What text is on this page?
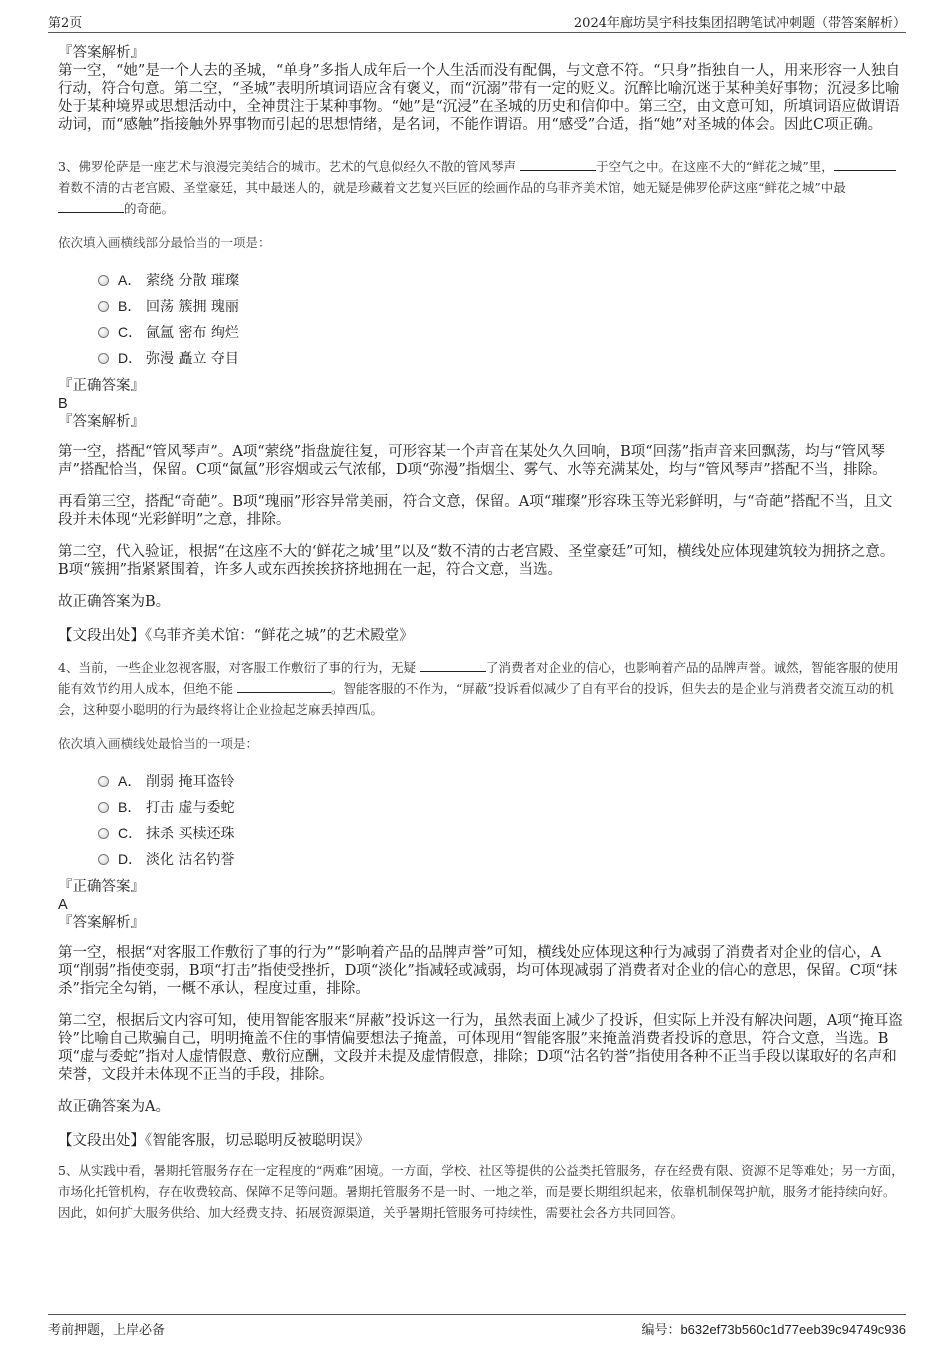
第2页	2024年廊坊昊宇科技集团招聘笔试冲刺题（带答案解析）

『答案解析』

第一空，“她”是一个人去的圣城，“单身”多指人成年后一个人生活而没有配偶，与文意不符。“只身”指独自一人，用来形容一人独自行动，符合句意。第二空，“圣城”表明所填词语应含有褒义，而“沉溺”带有一定的贬义。沉醉比喻沉迷于某种美好事物；沉浸多比喻处于某种境界或思想活动中，全神贯注于某种事物。“她”是“沉浸”在圣城的历史和信仰中。第三空，由文意可知，所填词语应做谓语动词，而“感触”指接触外界事物而引起的思想情绪，是名词，不能作谓语。用“感受”合适，指“她”对圣城的体会。因此C项正确。

3、佛罗伦萨是一座艺术与浪漫完美结合的城市。艺术的气息似经久不散的管风琴声	于空气之中。在这座不大的“鲜花之城”里，着数不清的古老宫殿、圣堂豪廷，其中最迷人的，就是珍藏着文艺复兴巨匠的绘画作品的乌菲齐美术馆，她无疑是佛罗伦萨这座“鲜花之城”中最的奇葩。

依次填入画横线部分最恰当的一项是：

A． 萦绕 分散 璀璨
B． 回荡 簇拥 瑰丽
C． 氤氲 密布 绚烂
D． 弥漫 矗立 夺目

『正确答案』

B

『答案解析』

第一空，搭配“管风琴声”。A项“萦绕”指盘旋往复，可形容某一个声音在某处久久回响，B项“回荡”指声音来回飘荡，均与“管风琴声”搭配恰当，保留。C项“氤氲”形容烟或云气浓郁，D项“弥漫”指烟尘、雾气、水等充满某处，均与“管风琴声”搭配不当，排除。

再看第三空，搭配“奇葩”。B项“瑰丽”形容异常美丽，符合文意，保留。A项“璀璨”形容珠玉等光彩鲜明，与“奇葩”搭配不当，且文段并未体现“光彩鲜明”之意，排除。

第二空，代入验证，根据“在这座不大的‘鲜花之城’里”以及“数不清的古老宫殿、圣堂豪廷”可知，横线处应体现建筑较为拥挤之意。B项“簇拥”指紧紧围着，许多人或东西挨挨挤挤地拥在一起，符合文意，当选。

故正确答案为B。

【文段出处】《乌菲齐美术馆：“鲜花之城”的艺术殿堂》

4、当前，一些企业忽视客服，对客服工作敷衍了事的行为，无疑	了消费者对企业的信心，也影响着产品的品牌声誉。诚然，智能客服的使用能有效节约用人成本，但绝不能	。智能客服的不作为，“屏蔽”投诉看似减少了自有平台的投诉，但失去的是企业与消费者交流互动的机会，这种耍小聪明的行为最终将让企业捡起芝麻丢掉西瓜。

依次填入画横线处最恰当的一项是：

A． 削弱 掩耳盗铃
B． 打击 虚与委蛇
C． 抹杀 买椟还珠
D． 淡化 沽名钓誉

『正确答案』

A

『答案解析』

第一空，根据“对客服工作敷衍了事的行为”“影响着产品的品牌声誉”可知，横线处应体现这种行为减弱了消费者对企业的信心，A项“削弱”指使变弱，B项“打击”指使受挫折，D项“淡化”指减轻或减弱，均可体现减弱了消费者对企业的信心的意思，保留。C项“抹杀”指完全勾销，一概不承认，程度过重，排除。

第二空，根据后文内容可知，使用智能客服来“屏蔽”投诉这一行为，虽然表面上减少了投诉，但实际上并没有解决问题，A项“掩耳盗铃”比喻自己欺骗自己，明明掩盖不住的事情偏要想法子掩盖，可体现用“智能客服”来掩盖消费者投诉的意思，符合文意，当选。B项“虚与委蛇”指对人虚情假意、敷衍应酬，文段并未提及虚情假意，排除；D项“沽名钓誉”指使用各种不正当手段以谋取好的名声和荣誉，文段并未体现不正当的手段，排除。

故正确答案为A。

【文段出处】《智能客服，切忌聪明反被聪明误》

5、从实践中看，暑期托管服务存在一定程度的“两难”困境。一方面，学校、社区等提供的公益类托管服务，存在经费有限、资源不足等难处；另一方面，市场化托管机构，存在收费较高、保障不足等问题。暑期托管服务不是一时、一地之举，而是要长期组织起来，依靠机制保驾护航，服务才能持续向好。因此，如何扩大服务供给、加大经费支持、拓展资源渠道，关乎暑期托管服务可持续性，需要社会各方共同回答。

考前押题，上岸必备	编号：b632ef73b560c1d77eeb39c94749c936
